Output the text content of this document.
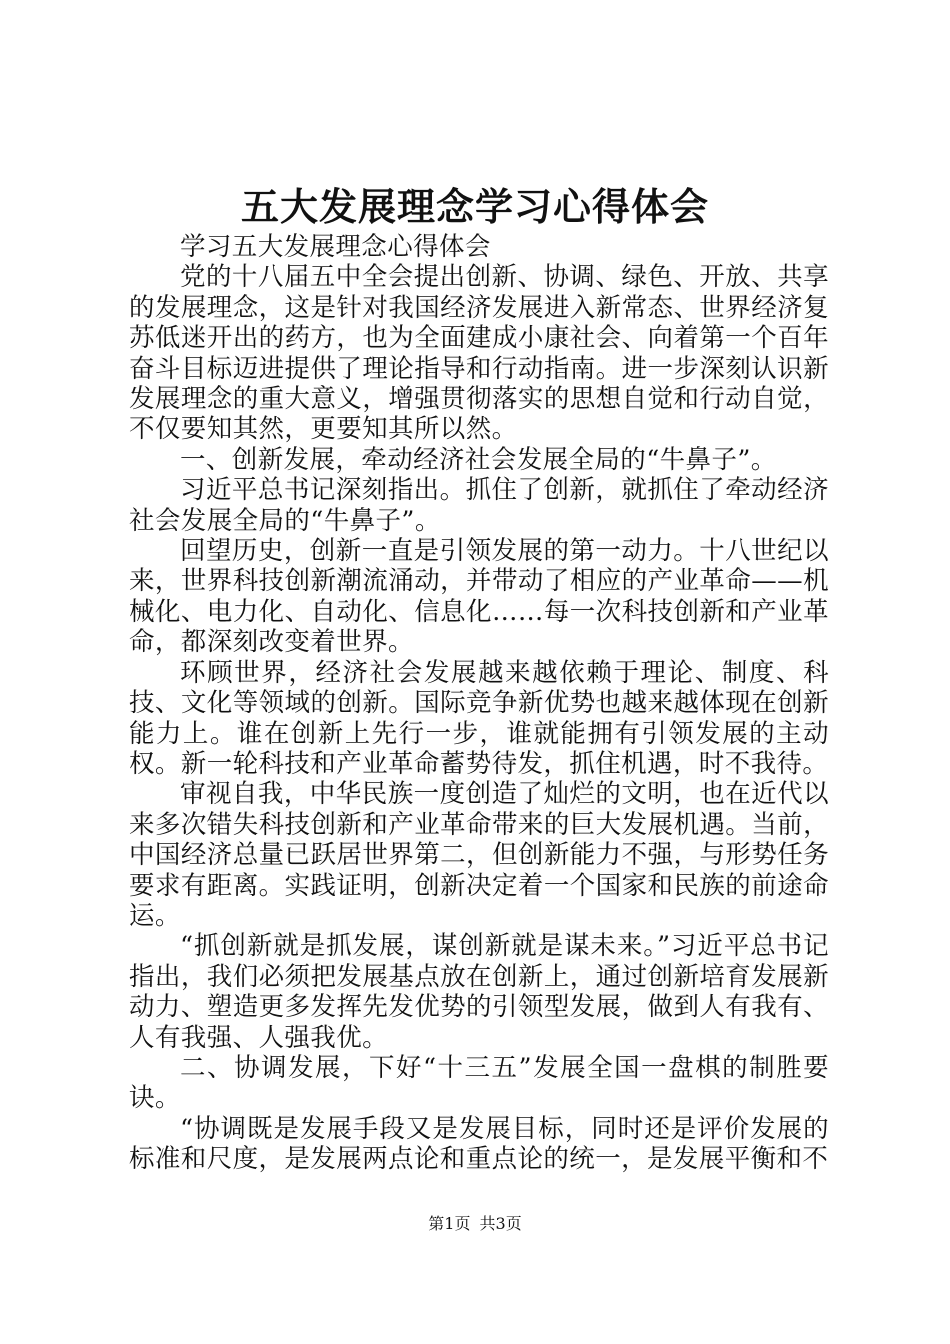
五大发展理念学习心得体会

学习五大发展理念心得体会

党的十八届五中全会提出创新、协调、绿色、开放、共享的发展理念，这是针对我国经济发展进入新常态、世界经济复苏低迷开出的药方，也为全面建成小康社会、向着第一个百年奋斗目标迈进提供了理论指导和行动指南。进一步深刻认识新发展理念的重大意义，增强贯彻落实的思想自觉和行动自觉，不仅要知其然，更要知其所以然。

一、创新发展，牵动经济社会发展全局的“牛鼻子”。

习近平总书记深刻指出。抓住了创新，就抓住了牵动经济社会发展全局的“牛鼻子”。

回望历史，创新一直是引领发展的第一动力。十八世纪以来，世界科技创新潮流涌动，并带动了相应的产业革命——机械化、电力化、自动化、信息化……每一次科技创新和产业革命，都深刻改变着世界。

环顾世界，经济社会发展越来越依赖于理论、制度、科技、文化等领域的创新。国际竞争新优势也越来越体现在创新能力上。谁在创新上先行一步，谁就能拥有引领发展的主动权。新一轮科技和产业革命蓄势待发，抓住机遇，时不我待。

审视自我，中华民族一度创造了灿烂的文明，也在近代以来多次错失科技创新和产业革命带来的巨大发展机遇。当前，中国经济总量已跃居世界第二，但创新能力不强，与形势任务要求有距离。实践证明，创新决定着一个国家和民族的前途命运。

“抓创新就是抓发展，谋创新就是谋未来。”习近平总书记指出，我们必须把发展基点放在创新上，通过创新培育发展新动力、塑造更多发挥先发优势的引领型发展，做到人有我有、人有我强、人强我优。

二、协调发展，下好“十三五”发展全国一盘棋的制胜要诀。

“协调既是发展手段又是发展目标，同时还是评价发展的标准和尺度，是发展两点论和重点论的统一，是发展平衡和不

第1页 共3页
